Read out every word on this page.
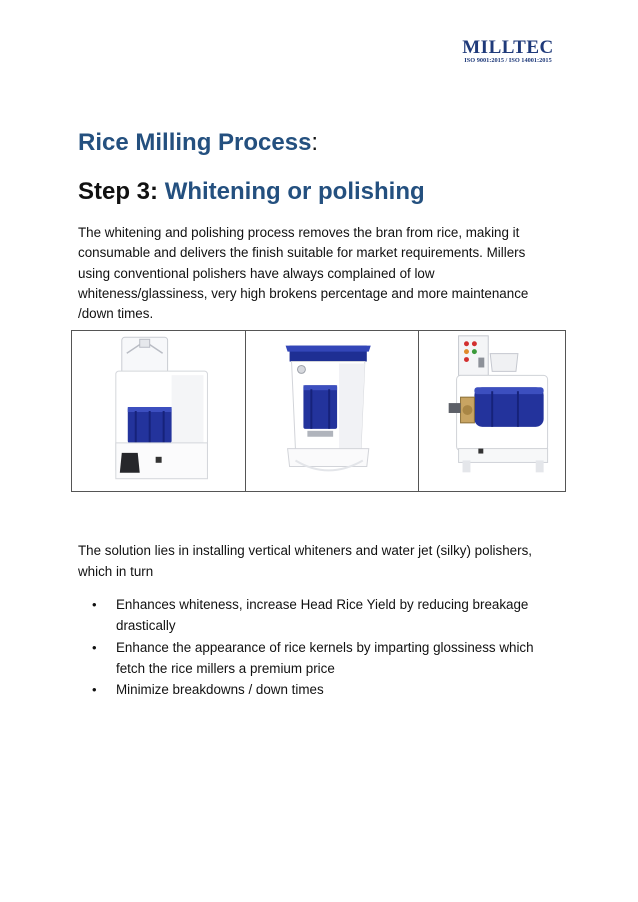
MILLTEC
ISO 9001:2015 / ISO 14001:2015
Rice Milling Process:
Step 3: Whitening or polishing

The whitening and polishing process removes the bran from rice, making it consumable and delivers the finish suitable for market requirements. Millers using conventional polishers have always complained of low whiteness/glassiness, very high brokens percentage and more maintenance /down times.

The solution lies in installing vertical whiteners and water jet (silky) polishers, which in turn

• Enhances whiteness, increase Head Rice Yield by reducing breakage drastically
• Enhance the appearance of rice kernels by imparting glossiness which fetch the rice millers a premium price
• Minimize breakdowns / down times
